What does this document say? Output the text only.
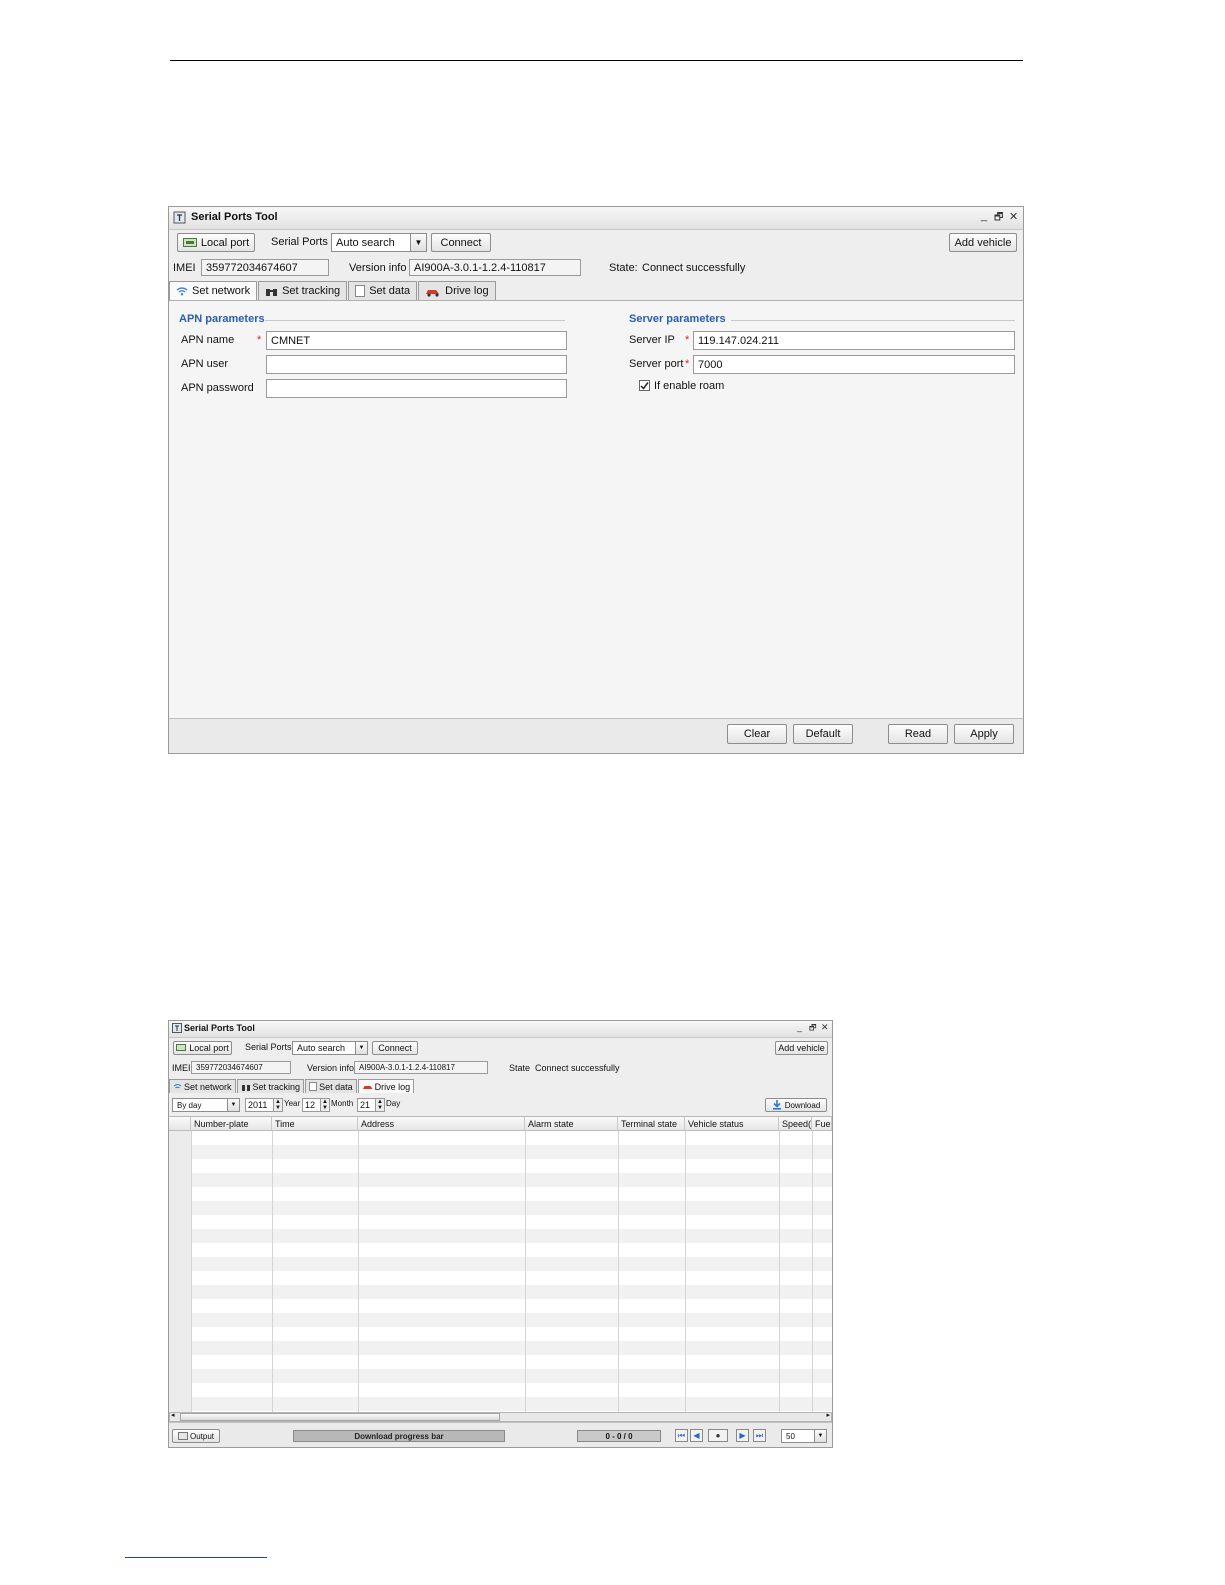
Serial Ports Tool	_ 🗗 ✕
Local port Serial Ports Auto search	▼	Connect	Add vehicle
IMEI 359772034674607	Version info AI900A-3.0.1-1.2.4-110817	State: Connect successfully
Set network	Set tracking	Set data	Drive log
APN parameters
APN name * CMNET
APN user
APN password
Server parameters
Server IP * 119.147.024.211
Server port * 7000
If enable roam
Clear	Default	Read	Apply
Serial Ports Tool	_ 🗗 ✕
Local port Serial Ports Auto search	▼	Connect	Add vehicle
IMEI 359772034674607	Version info AI900A-3.0.1-1.2.4-110817	State Connect successfully
Set network Set tracking Set data Drive log
By day	▼ 2011	▲
▼ Year 12	▲
▼ Month 21	▲
▼ Day	Download
Number-plate	Time	Address	Alarm state	Terminal state	Vehicle status	Speed( Fue
◂	▸
Output	Download progress bar	0 - 0 / 0	⏮	◀	●	▶	⏭	50	▼
